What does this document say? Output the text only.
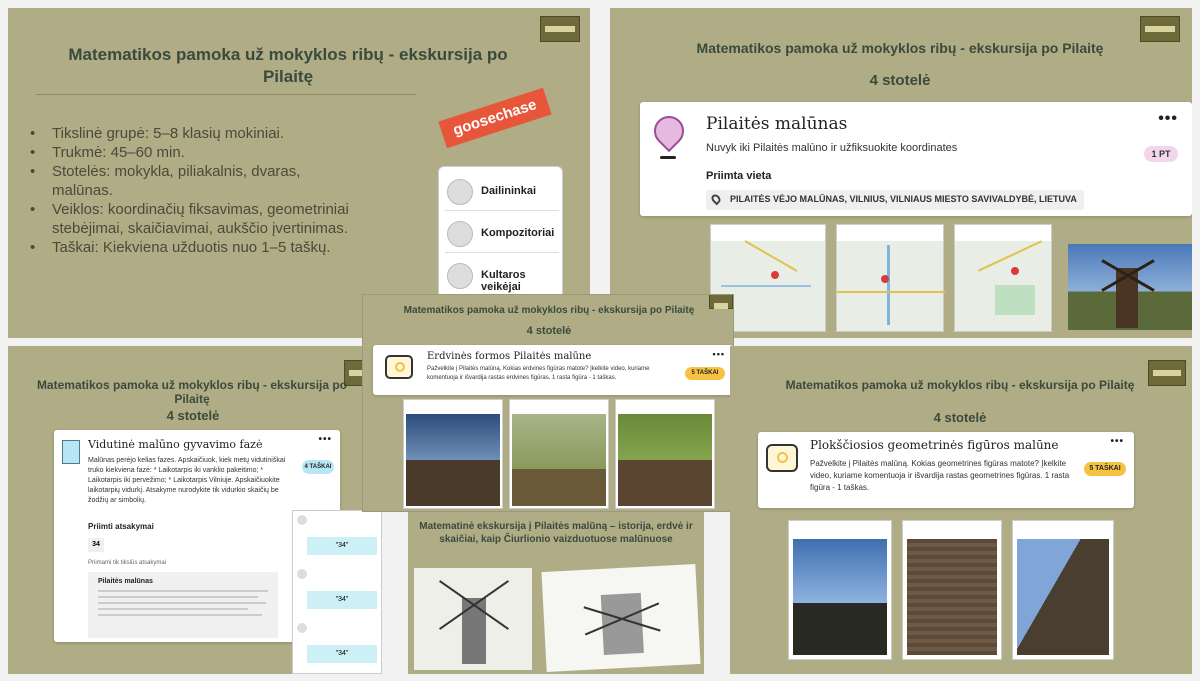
Matematikos pamoka už mokyklos ribų - ekskursija po Pilaitę
• Tikslinė grupė: 5–8 klasių mokiniai.
• Trukmė: 45–60 min.
• Stotelės: mokykla, piliakalnis, dvaras, malūnas.
• Veiklos: koordinačių fiksavimas, geometriniai stebėjimai, skaičiavimai, aukščio įvertinimas.
• Taškai: Kiekviena užduotis nuo 1–5 taškų.
goosechase
Dailininkai
Kompozitoriai
Kultaros veikėjai
Matematikos pamoka už mokyklos ribų - ekskursija po Pilaitę
4 stotelė
Pilaitės malūnas	•••
Nuvyk iki Pilaitės malūno ir užfiksuokite koordinates	1 PT
Priimta vieta
PILAITĖS VĖJO MALŪNAS, VILNIUS, VILNIAUS MIESTO SAVIVALDYBĖ, LIETUVA
Matematikos pamoka už mokyklos ribų - ekskursija po Pilaitę
4 stotelė
Vidutinė malūno gyvavimo fazė	•••
Malūnas perėjo kelias fazes. Apskaičiuok, kiek metų vidutiniškai truko kiekviena fazė: * Laikotarpis iki vanklio pakeitimo; * Laikotarpis iki pervežimo; * Laikotarpis Vilniuje. Apskaičiuokite laikotarpių vidurkį. Atsakyme nurodykite tik vidurkio skaičių be žodžių ar simbolių.
4 TAŠKAI
Priimti atsakymai
34
Priimami tik tikslūs atsakymai
Pilaitės malūnas
"34"
"34"
"34"
Matematikos pamoka už mokyklos ribų - ekskursija po Pilaitę
4 stotelė
Erdvinės formos Pilaitės malūne	•••
Pažvelkite į Pilaitės malūną. Kokias erdvines figūras matote? Įkelkite video, kuriame komentuoja ir išvardija rastas erdvines figūras. 1 rasta figūra - 1 taškas.
5 TAŠKAI
Matematinė ekskursija į Pilaitės malūną – istorija, erdvė ir skaičiai, kaip Čiurlionio vaizduotuose malūnuose
Matematikos pamoka už mokyklos ribų - ekskursija po Pilaitę
4 stotelė
Plokščiosios geometrinės figūros malūne	•••
Pažvelkite į Pilaitės malūną. Kokias geometrines figūras matote? Įkelkite video, kuriame komentuoja ir išvardija rastas geometrines figūras. 1 rasta figūra - 1 taškas.
5 TAŠKAI
